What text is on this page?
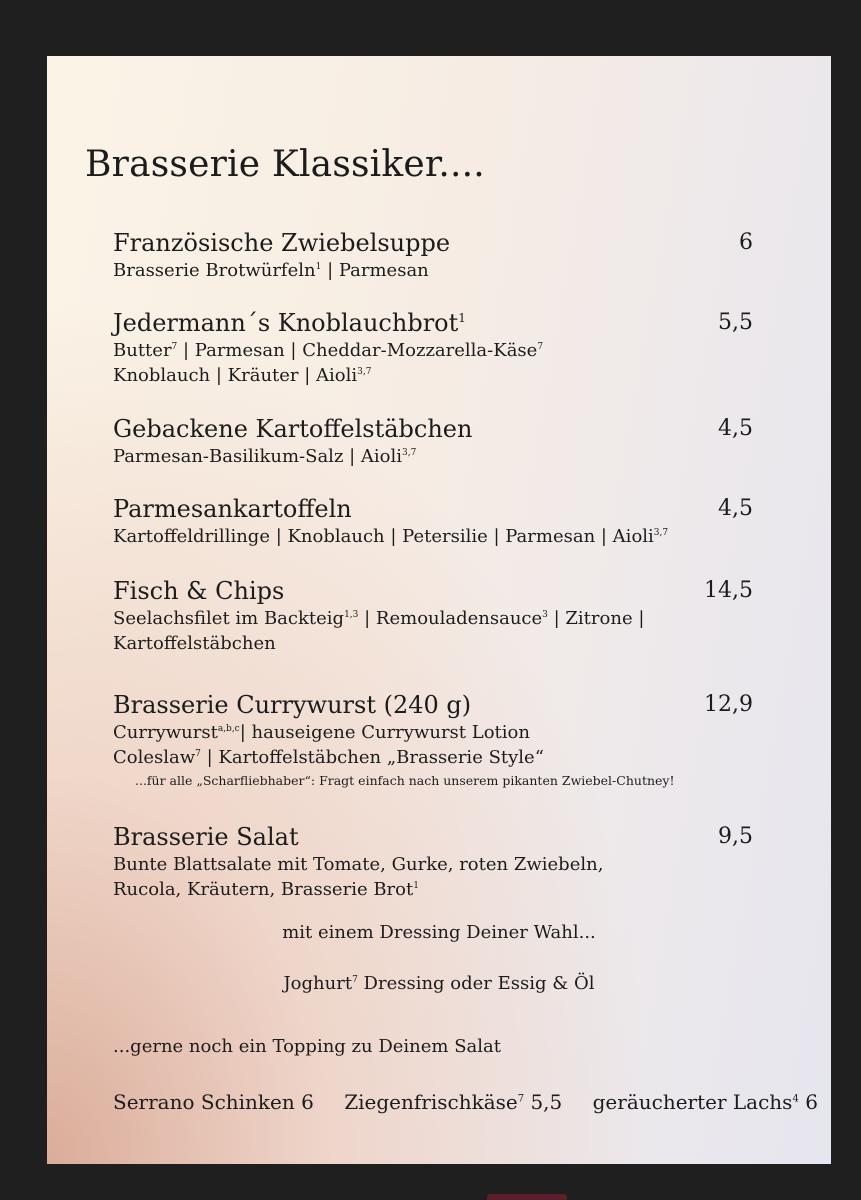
Brasserie Klassiker....
Französische Zwiebelsuppe	6
Brasserie Brotwürfeln$^1$ | Parmesan
Jedermann´s Knoblauchbrot$^1$	5,5
Butter$^7$ | Parmesan | Cheddar-Mozzarella-Käse$^7$
Knoblauch | Kräuter | Aioli$^{3,7}$
Gebackene Kartoffelstäbchen	4,5
Parmesan-Basilikum-Salz | Aioli$^{3,7}$
Parmesankartoffeln	4,5
Kartoffeldrillinge | Knoblauch | Petersilie | Parmesan | Aioli$^{3,7}$
Fisch & Chips	14,5
Seelachsfilet im Backteig$^{1,3}$ | Remouladensauce$^3$ | Zitrone |
Kartoffelstäbchen
Brasserie Currywurst (240 g)	12,9
Currywurst$^{a,b,c}$| hauseigene Currywurst Lotion
Coleslaw$^7$ | Kartoffelstäbchen „Brasserie Style“
...für alle „Scharfliebhaber“: Fragt einfach nach unserem pikanten Zwiebel-Chutney!
Brasserie Salat	9,5
Bunte Blattsalate mit Tomate, Gurke, roten Zwiebeln,
Rucola, Kräutern, Brasserie Brot$^1$
mit einem Dressing Deiner Wahl...
Joghurt$^7$ Dressing oder Essig & Öl
...gerne noch ein Topping zu Deinem Salat
Serrano Schinken 6 Ziegenfrischkäse$^7$ 5,5 geräucherter Lachs$^4$ 6
